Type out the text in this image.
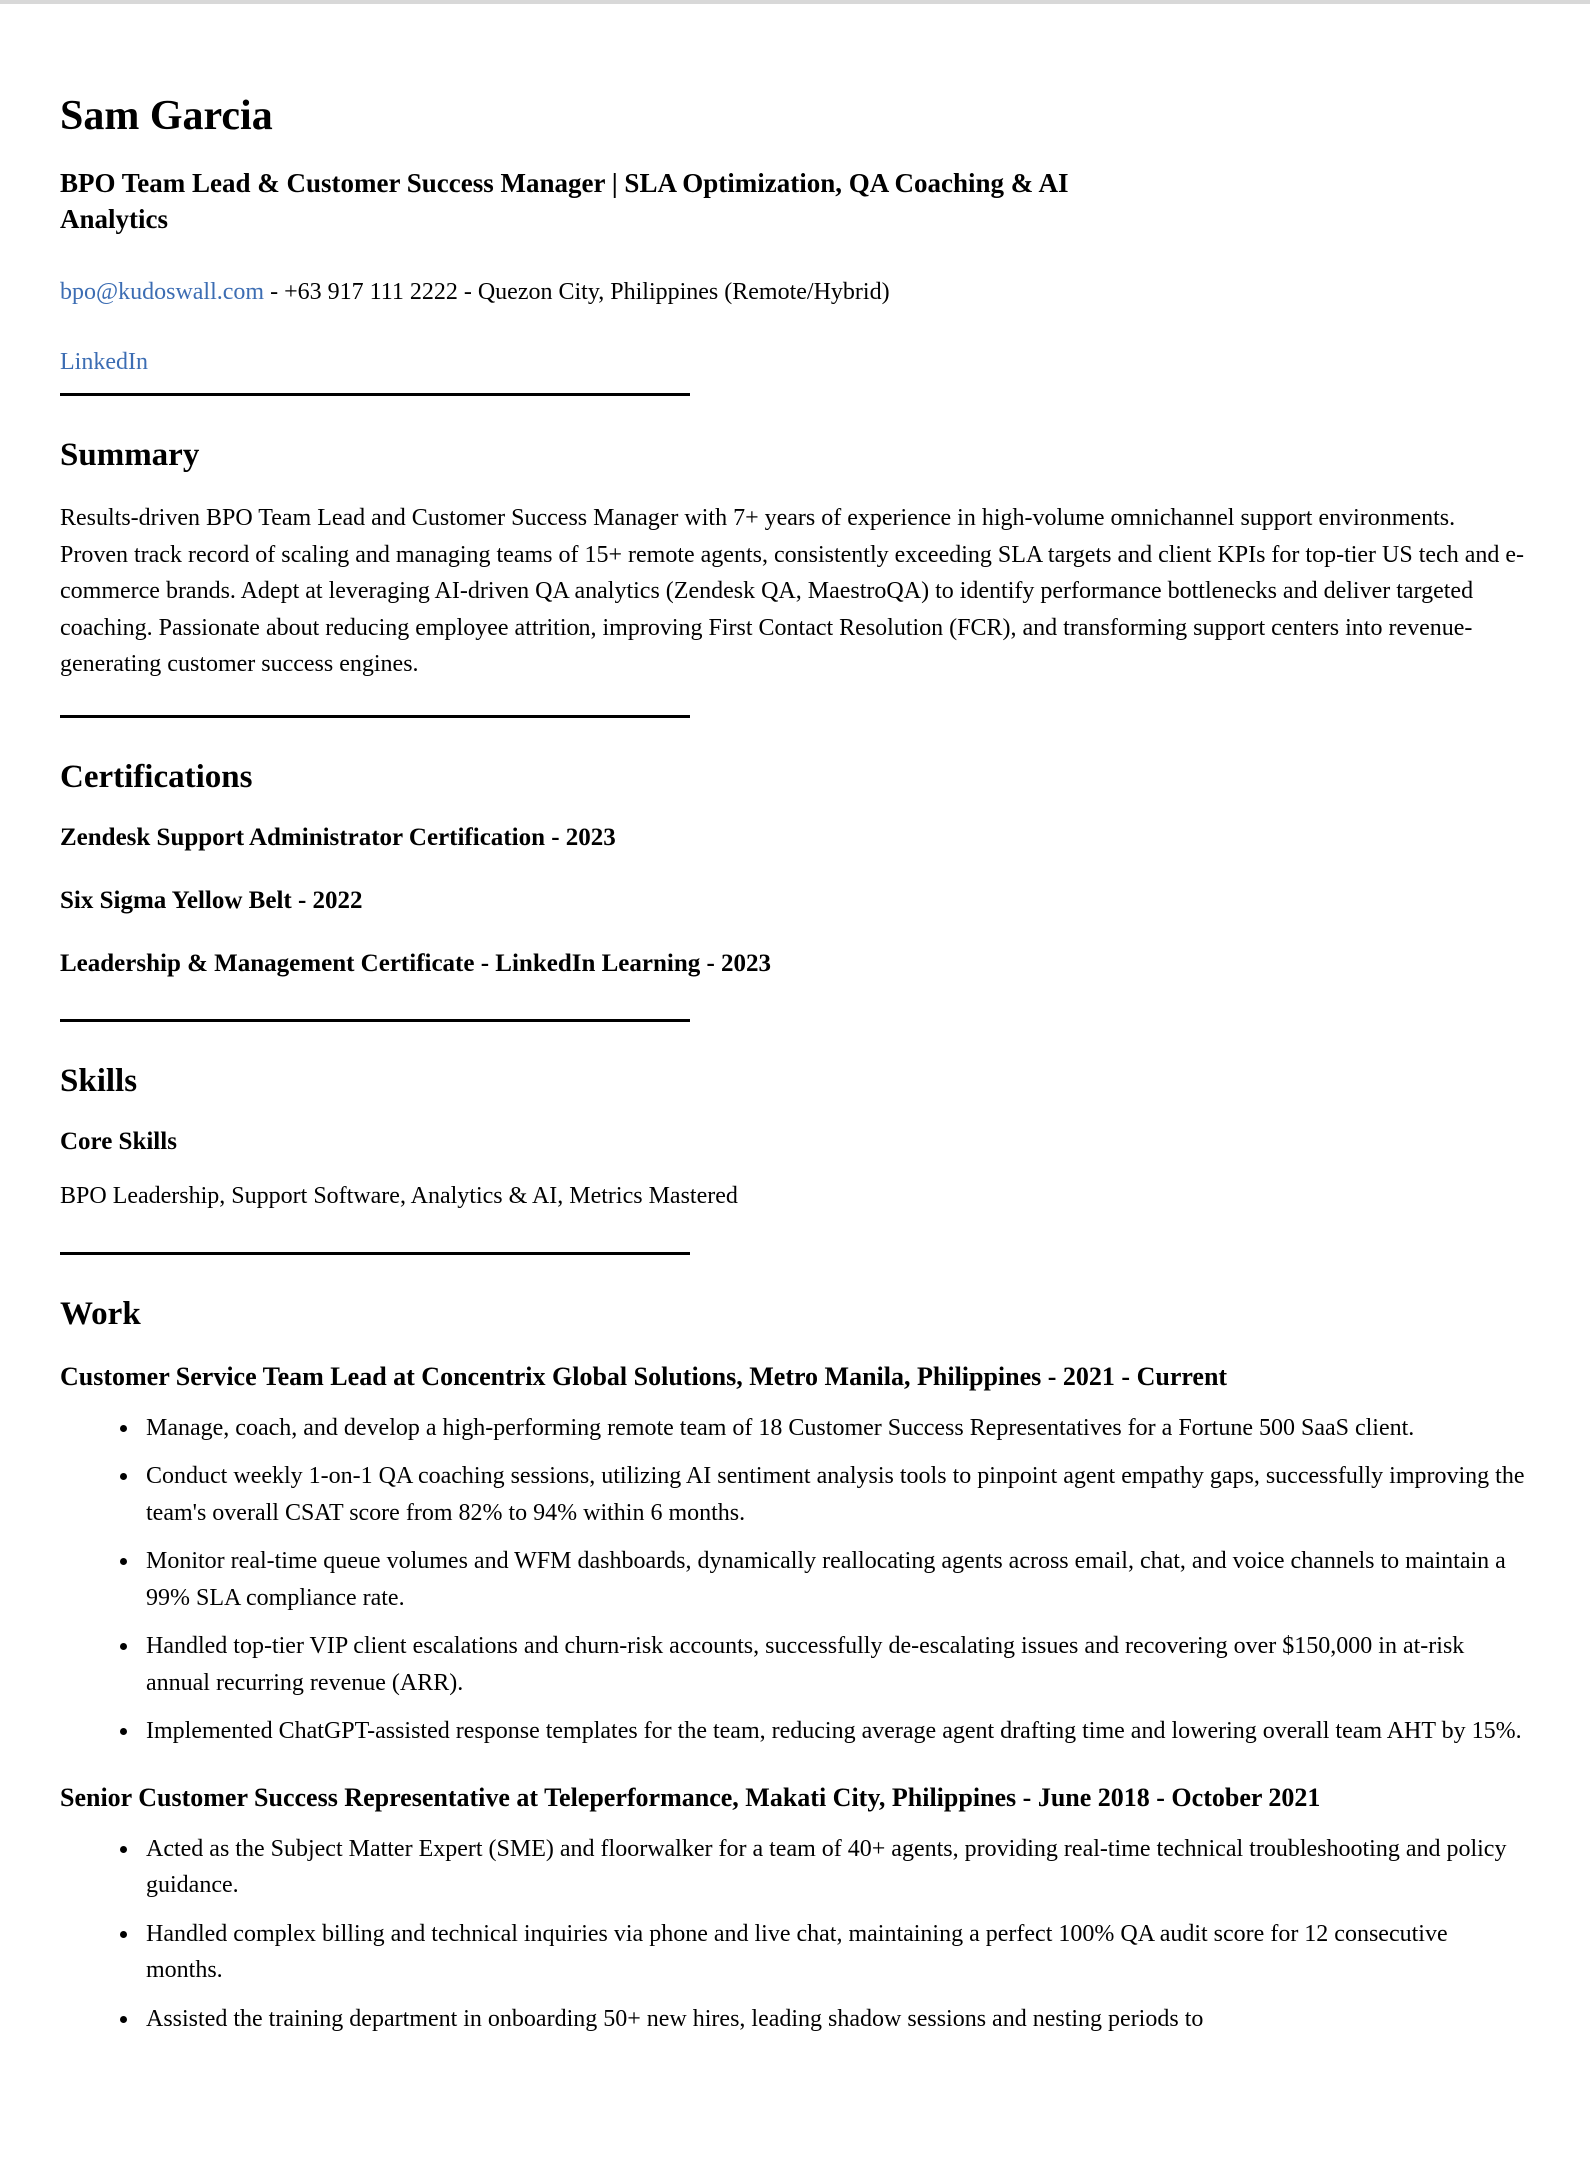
Sam Garcia
BPO Team Lead & Customer Success Manager | SLA Optimization, QA Coaching & AI Analytics
bpo@kudoswall.com - +63 917 111 2222 - Quezon City, Philippines (Remote/Hybrid)
LinkedIn
Summary

Results-driven BPO Team Lead and Customer Success Manager with 7+ years of experience in high-volume omnichannel support environments. Proven track record of scaling and managing teams of 15+ remote agents, consistently exceeding SLA targets and client KPIs for top-tier US tech and e-commerce brands. Adept at leveraging AI-driven QA analytics (Zendesk QA, MaestroQA) to identify performance bottlenecks and deliver targeted coaching. Passionate about reducing employee attrition, improving First Contact Resolution (FCR), and transforming support centers into revenue-generating customer success engines.

Certifications
Zendesk Support Administrator Certification - 2023
Six Sigma Yellow Belt - 2022
Leadership & Management Certificate - LinkedIn Learning - 2023
Skills
Core Skills
BPO Leadership, Support Software, Analytics & AI, Metrics Mastered
Work
Customer Service Team Lead at Concentrix Global Solutions, Metro Manila, Philippines - 2021 - Current
• Manage, coach, and develop a high-performing remote team of 18 Customer Success Representatives for a Fortune 500 SaaS client.
• Conduct weekly 1-on-1 QA coaching sessions, utilizing AI sentiment analysis tools to pinpoint agent empathy gaps, successfully improving the team's overall CSAT score from 82% to 94% within 6 months.
• Monitor real-time queue volumes and WFM dashboards, dynamically reallocating agents across email, chat, and voice channels to maintain a 99% SLA compliance rate.
• Handled top-tier VIP client escalations and churn-risk accounts, successfully de-escalating issues and recovering over $150,000 in at-risk annual recurring revenue (ARR).
• Implemented ChatGPT-assisted response templates for the team, reducing average agent drafting time and lowering overall team AHT by 15%.
Senior Customer Success Representative at Teleperformance, Makati City, Philippines - June 2018 - October 2021
• Acted as the Subject Matter Expert (SME) and floorwalker for a team of 40+ agents, providing real-time technical troubleshooting and policy guidance.
• Handled complex billing and technical inquiries via phone and live chat, maintaining a perfect 100% QA audit score for 12 consecutive months.
• Assisted the training department in onboarding 50+ new hires, leading shadow sessions and nesting periods to
